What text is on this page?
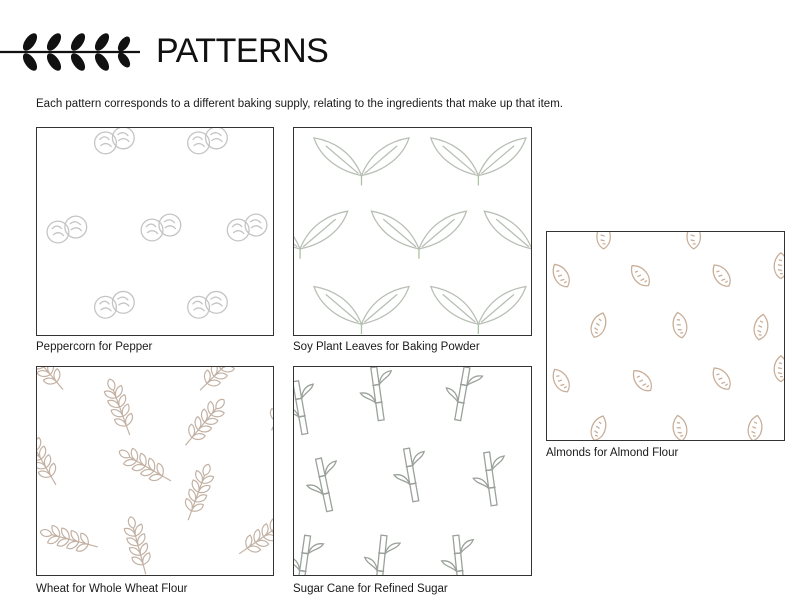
PATTERNS

Each pattern corresponds to a different baking supply, relating to the ingredients that make up that item.

Peppercorn for Pepper	Soy Plant Leaves for Baking Powder
Almonds for Almond Flour
Wheat for Whole Wheat Flour	Sugar Cane for Refined Sugar
